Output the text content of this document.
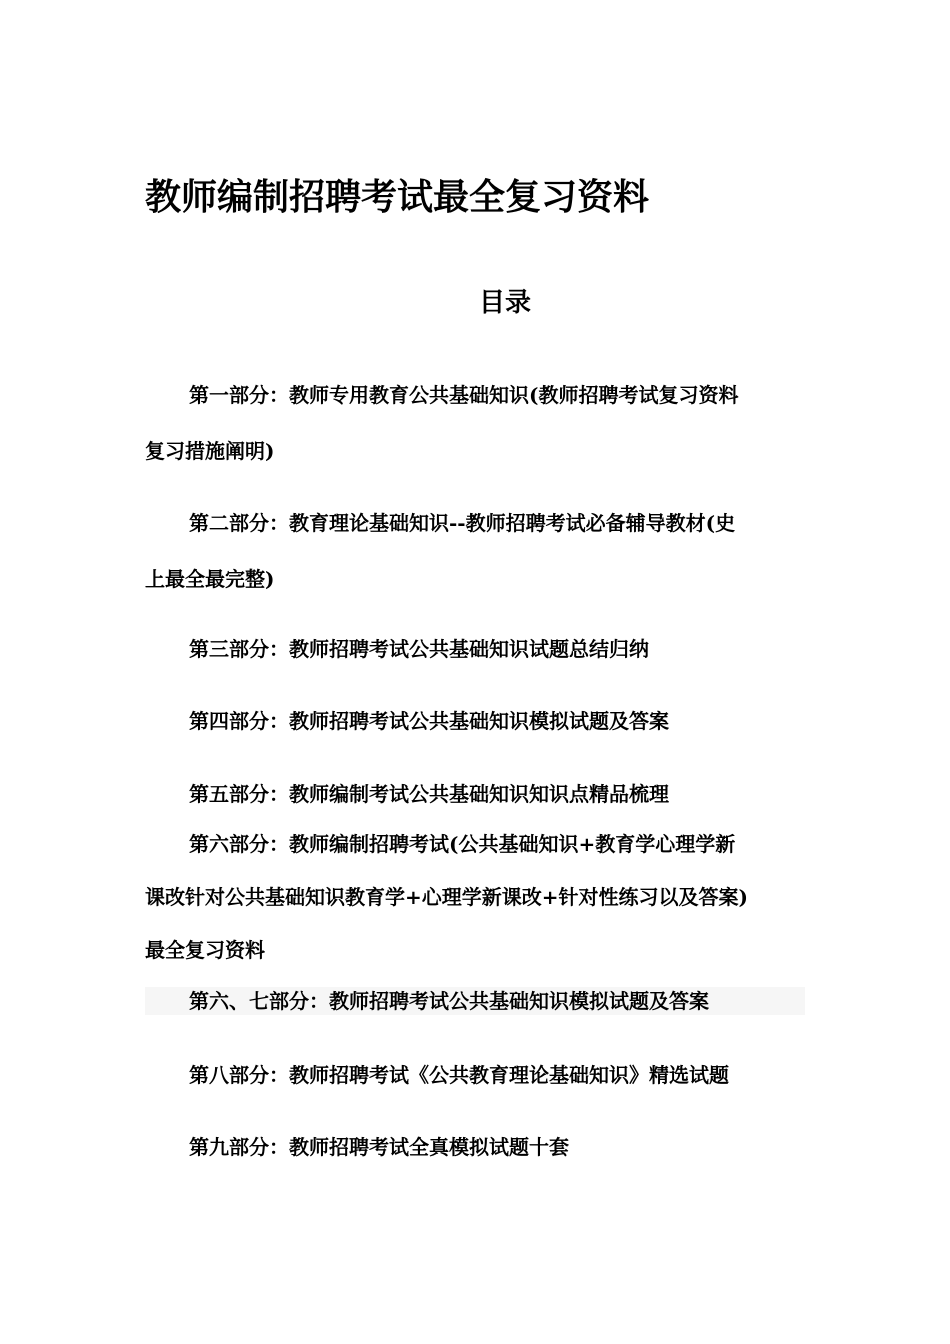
教师编制招聘考试最全复习资料
目录
第一部分：教师专用教育公共基础知识(教师招聘考试复习资料
复习措施阐明)
第二部分：教育理论基础知识--教师招聘考试必备辅导教材(史
上最全最完整)
第三部分：教师招聘考试公共基础知识试题总结归纳
第四部分：教师招聘考试公共基础知识模拟试题及答案
第五部分：教师编制考试公共基础知识知识点精品梳理
第六部分：教师编制招聘考试(公共基础知识+教育学心理学新
课改针对公共基础知识教育学+心理学新课改+针对性练习以及答案)
最全复习资料
第六、七部分：教师招聘考试公共基础知识模拟试题及答案
第八部分：教师招聘考试《公共教育理论基础知识》精选试题
第九部分：教师招聘考试全真模拟试题十套
